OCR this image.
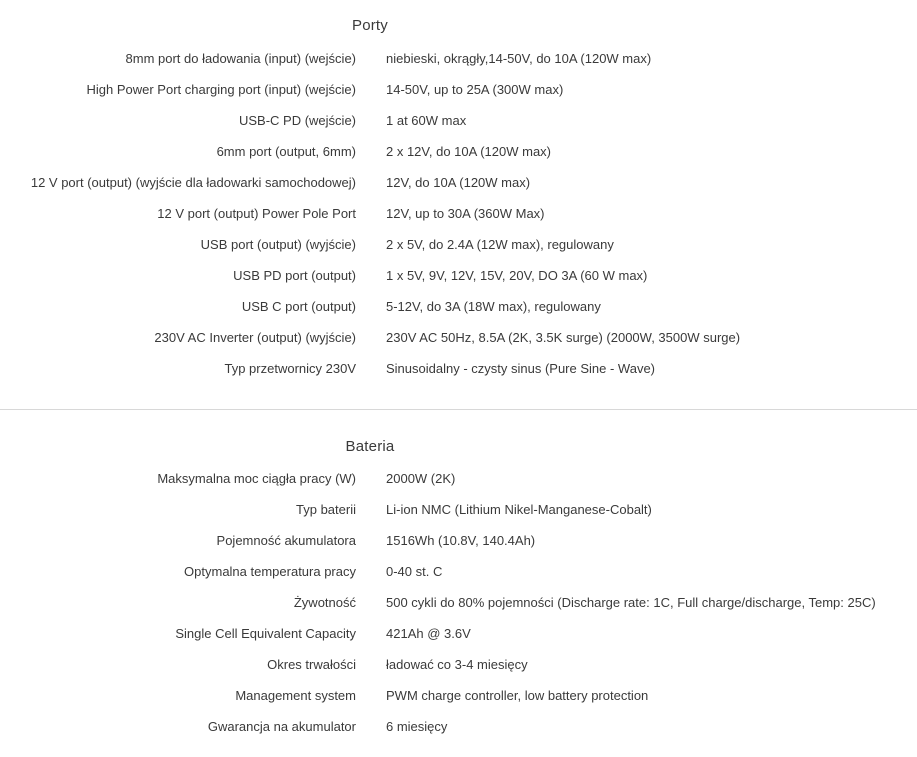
Porty
8mm port do ładowania (input) (wejście) niebieski, okrągły,14-50V, do 10A (120W max)
High Power Port charging port (input) (wejście) 14-50V, up to 25A (300W max)
USB-C PD (wejście) 1 at 60W max
6mm port (output, 6mm) 2 x 12V, do 10A (120W max)
12 V port (output) (wyjście dla ładowarki samochodowej) 12V, do 10A (120W max)
12 V port (output) Power Pole Port 12V, up to 30A (360W Max)
USB port (output) (wyjście) 2 x 5V, do 2.4A (12W max), regulowany
USB PD port (output) 1 x 5V, 9V, 12V, 15V, 20V, DO 3A (60 W max)
USB C port (output) 5-12V, do 3A (18W max), regulowany
230V AC Inverter (output) (wyjście) 230V AC 50Hz, 8.5A (2K, 3.5K surge) (2000W, 3500W surge)
Typ przetwornicy 230V Sinusoidalny - czysty sinus (Pure Sine - Wave)
Bateria
Maksymalna moc ciągła pracy (W) 2000W (2K)
Typ baterii Li-ion NMC (Lithium Nikel-Manganese-Cobalt)
Pojemność akumulatora 1516Wh (10.8V, 140.4Ah)
Optymalna temperatura pracy 0-40 st. C
Żywotność 500 cykli do 80% pojemności (Discharge rate: 1C, Full charge/discharge, Temp: 25C)
Single Cell Equivalent Capacity 421Ah @ 3.6V
Okres trwałości ładować co 3-4 miesięcy
Management system PWM charge controller, low battery protection
Gwarancja na akumulator 6 miesięcy
